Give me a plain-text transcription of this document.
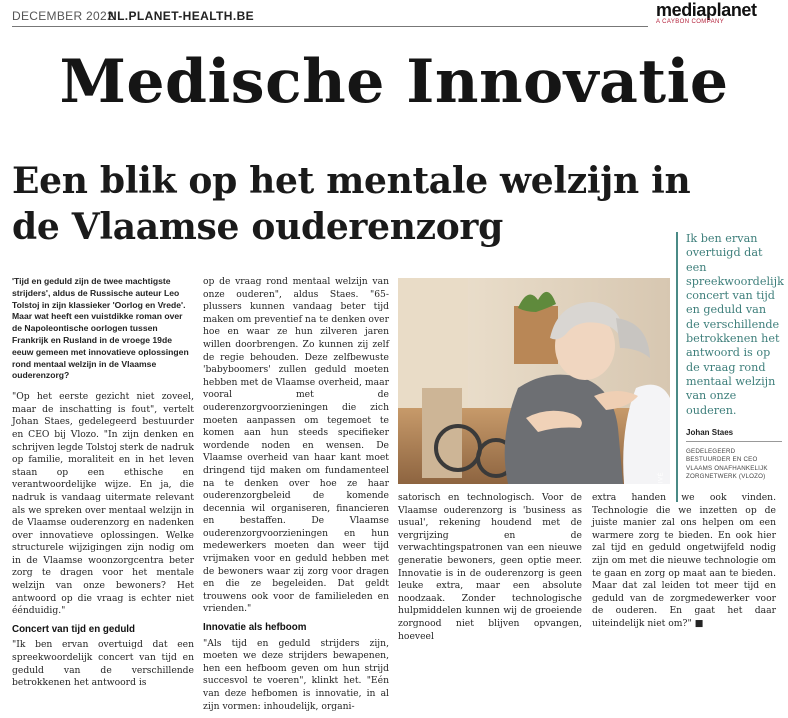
DECEMBER 2022
NL.PLANET-HEALTH.BE	mediaplanet
A CAYBON COMPANY
Medische Innovatie
Een blik op het mentale welzijn in de Vlaamse ouderenzorg

'Tijd en geduld zijn de twee machtigste strijders', aldus de Russische auteur Leo Tolstoj in zijn klassieker 'Oorlog en Vrede'. Maar wat heeft een vuistdikke roman over de Napoleontische oorlogen tussen Frankrijk en Rusland in de vroege 19de eeuw gemeen met innovatieve oplossingen rond mentaal welzijn in de Vlaamse ouderenzorg?

"Op het eerste gezicht niet zoveel, maar de inschatting is fout", vertelt Johan Staes, gedelegeerd bestuurder en CEO bij Vlozo. "In zijn denken en schrijven legde Tolstoj sterk de nadruk op familie, moraliteit en in het leven staan op een ethische en verantwoordelijke wijze. En ja, die nadruk is vandaag uitermate relevant als we spreken over mentaal welzijn in de Vlaamse ouderenzorg en nadenken over innovatieve oplossingen. Welke structurele wijzigingen zijn nodig om in de Vlaamse woonzorgcentra beter zorg te dragen voor het mentale welzijn van onze bewoners? Het antwoord op die vraag is echter niet éénduidig."

Concert van tijd en geduld

"Ik ben ervan overtuigd dat een spreekwoordelijk concert van tijd en geduld van de verschillende betrokkenen het antwoord is

op de vraag rond mentaal welzijn van onze ouderen", aldus Staes. "65-plussers kunnen vandaag beter tijd maken om preventief na te denken over hoe en waar ze hun zilveren jaren willen doorbrengen. Zo kunnen zij zelf de regie behouden. Deze zelfbewuste 'babyboomers' zullen geduld moeten hebben met de Vlaamse overheid, maar vooral met de ouderenzorgvoorzieningen die zich moeten aanpassen om tegemoet te komen aan hun steeds specifieker wordende noden en wensen. De Vlaamse overheid van haar kant moet dringend tijd maken om fundamenteel na te denken over hoe ze haar ouderenzorgbeleid de komende decennia wil organiseren, financieren en bestaffen. De Vlaamse ouderenzorgvoorzieningen en hun medewerkers moeten dan weer tijd vrijmaken voor en geduld hebben met de bewoners waar zij zorg voor dragen en die ze begeleiden. Dat geldt trouwens ook voor de familieleden en vrienden."

Innovatie als hefboom

"Als tijd en geduld strijders zijn, moeten we deze strijders bewapenen, hen een hefboom geven om hun strijd succesvol te voeren", klinkt het. "Eén van deze hefbomen is innovatie, in al zijn vormen: inhoudelijk, organi-

FOTO: PRIVÉ

satorisch en technologisch. Voor de Vlaamse ouderenzorg is 'business as usual', rekening houdend met de vergrijzing en de verwachtingspatronen van een nieuwe generatie bewoners, geen optie meer. Innovatie is in de ouderenzorg is geen leuke extra, maar een absolute noodzaak. Zonder technologische hulpmiddelen kunnen wij de groeiende zorgnood niet blijven opvangen, hoeveel

extra handen we ook vinden. Technologie die we inzetten op de juiste manier zal ons helpen om een warmere zorg te bieden. En ook hier zal tijd en geduld ongetwijfeld nodig zijn om met die nieuwe technologie om te gaan en zorg op maat aan te bieden. Maar dat zal leiden tot meer tijd en geduld van de zorgmedewerker voor de ouderen. En gaat het daar uiteindelijk niet om?" ■

Ik ben ervan overtuigd dat een spreekwoordelijk concert van tijd en geduld van de verschillende betrokkenen het antwoord is op de vraag rond mentaal welzijn van onze ouderen.
Johan Staes
GEDELEGEERD BESTUURDER EN CEO VLAAMS ONAFHANKELIJK ZORGNETWERK (VLOZO)
